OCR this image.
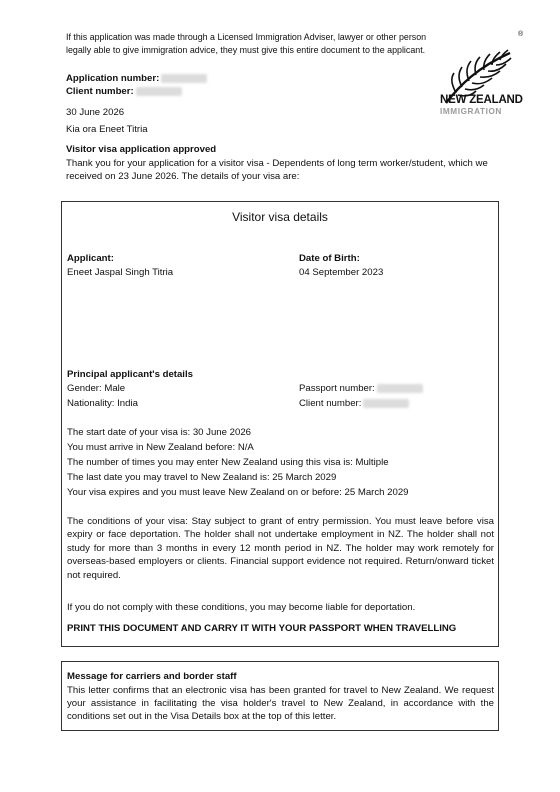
If this application was made through a Licensed Immigration Adviser, lawyer or other person legally able to give immigration advice, they must give this entire document to the applicant.
®
NEW ZEALAND
IMMIGRATION
Application number:
Client number:
30 June 2026
Kia ora Eneet Titria
Visitor visa application approved
Thank you for your application for a visitor visa - Dependents of long term worker/student, which we received on 23 June 2026. The details of your visa are:
Visitor visa details
Applicant:
Eneet Jaspal Singh Titria
Date of Birth:
04 September 2023
Principal applicant's details
Gender: Male
Nationality: India
Passport number:
Client number:
The start date of your visa is: 30 June 2026
You must arrive in New Zealand before: N/A
The number of times you may enter New Zealand using this visa is: Multiple
The last date you may travel to New Zealand is: 25 March 2029
Your visa expires and you must leave New Zealand on or before: 25 March 2029
The conditions of your visa: Stay subject to grant of entry permission. You must leave before visa expiry or face deportation. The holder shall not undertake employment in NZ. The holder shall not study for more than 3 months in every 12 month period in NZ. The holder may work remotely for overseas-based employers or clients. Financial support evidence not required. Return/onward ticket not required.
If you do not comply with these conditions, you may become liable for deportation.
PRINT THIS DOCUMENT AND CARRY IT WITH YOUR PASSPORT WHEN TRAVELLING
Message for carriers and border staff
This letter confirms that an electronic visa has been granted for travel to New Zealand. We request your assistance in facilitating the visa holder's travel to New Zealand, in accordance with the conditions set out in the Visa Details box at the top of this letter.
